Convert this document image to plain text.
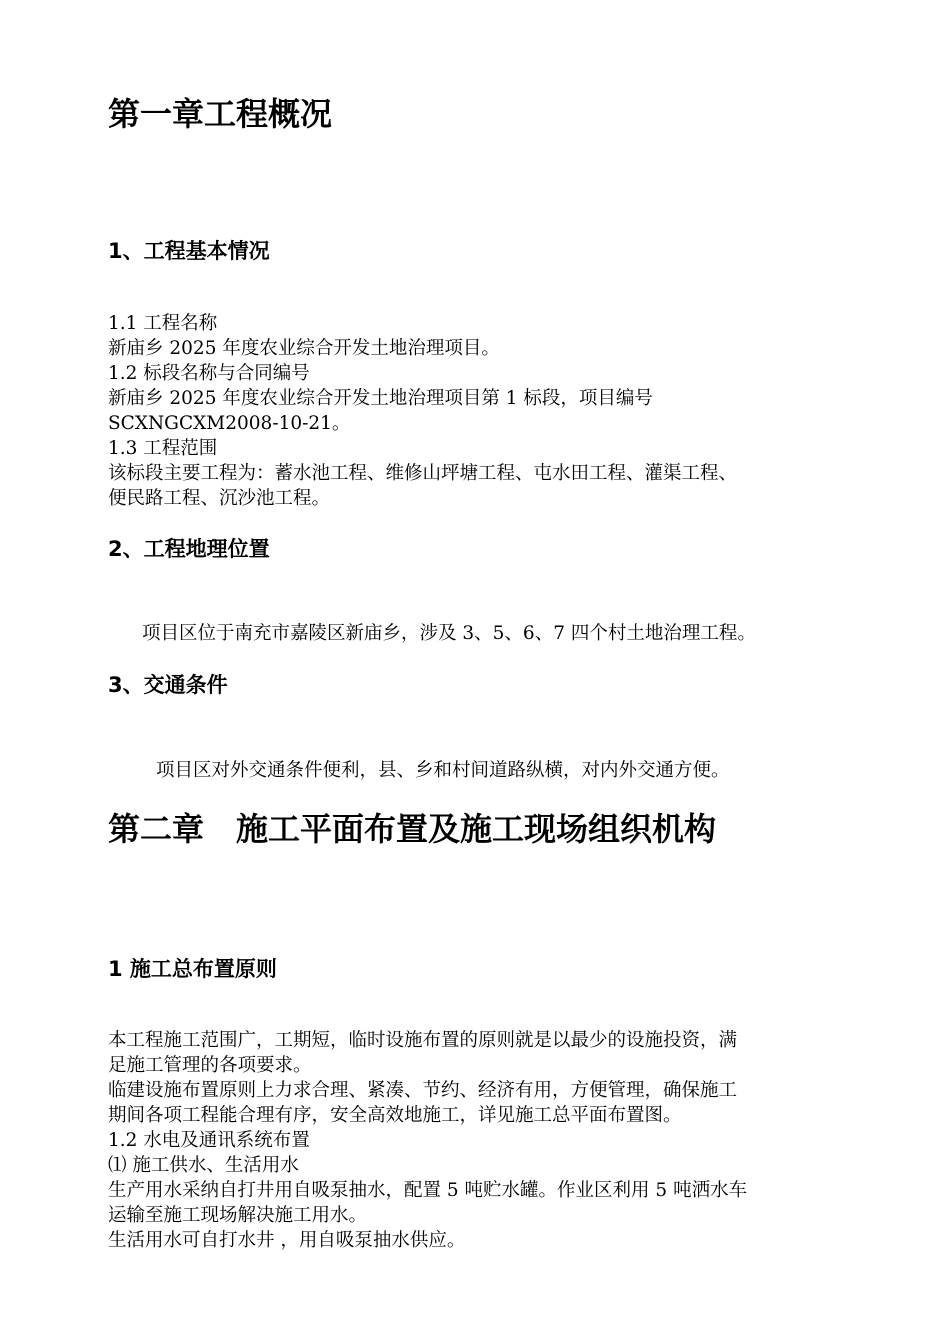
第一章工程概况
1、工程基本情况
1.1 工程名称
新庙乡 2025 年度农业综合开发土地治理项目。
1.2 标段名称与合同编号
新庙乡 2025 年度农业综合开发土地治理项目第 1 标段，项目编号
SCXNGCXM2008-10-21。
1.3 工程范围
该标段主要工程为：蓄水池工程、维修山坪塘工程、屯水田工程、灌渠工程、
便民路工程、沉沙池工程。
2、工程地理位置
项目区位于南充市嘉陵区新庙乡，涉及 3、5、6、7 四个村土地治理工程。
3、交通条件
项目区对外交通条件便利，县、乡和村间道路纵横，对内外交通方便。
第二章　施工平面布置及施工现场组织机构
1 施工总布置原则
本工程施工范围广，工期短，临时设施布置的原则就是以最少的设施投资，满
足施工管理的各项要求。
临建设施布置原则上力求合理、紧凑、节约、经济有用，方便管理，确保施工
期间各项工程能合理有序，安全高效地施工，详见施工总平面布置图。
1.2 水电及通讯系统布置
⑴ 施工供水、生活用水
生产用水采纳自打井用自吸泵抽水，配置 5 吨贮水罐。作业区利用 5 吨洒水车
运输至施工现场解决施工用水。
生活用水可自打水井 ，用自吸泵抽水供应。
